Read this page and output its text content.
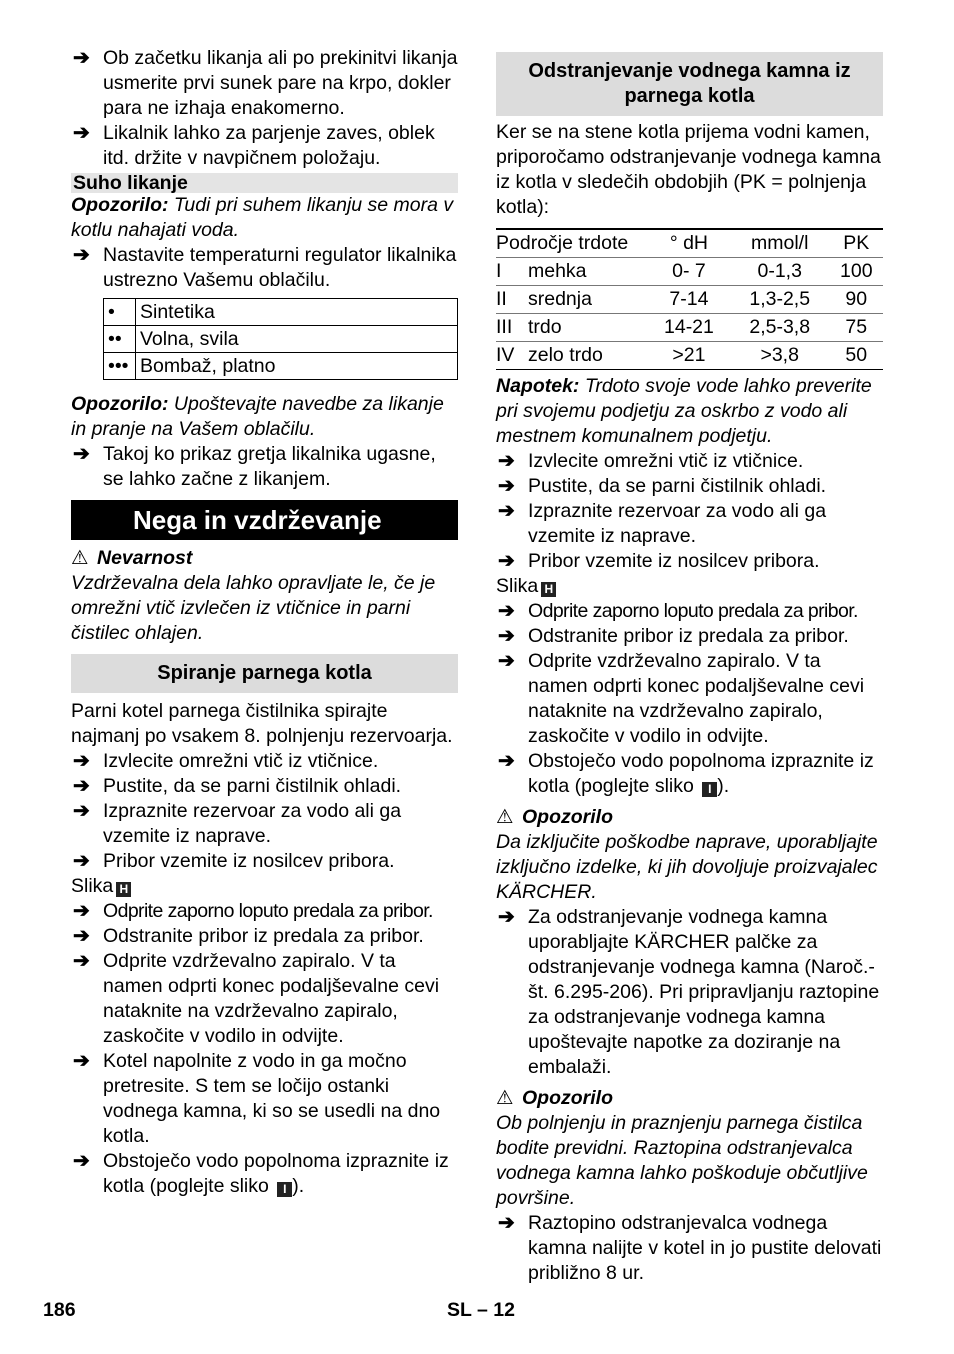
➔ Ob začetku likanja ali po prekinitvi likanja usmerite prvi sunek pare na krpo, dokler para ne izhaja enakomerno.
➔ Likalnik lahko za parjenje zaves, oblek itd. držite v navpičnem položaju.
Suho likanje
Opozorilo: Tudi pri suhem likanju se mora v kotlu nahajati voda.
➔ Nastavite temperaturni regulator likalnika ustrezno Vašemu oblačilu.
•	Sintetika
••	Volna, svila
•••	Bombaž, platno
Opozorilo: Upoštevajte navedbe za likanje in pranje na Vašem oblačilu.
➔ Takoj ko prikaz gretja likalnika ugasne, se lahko začne z likanjem.
Nega in vzdrževanje
⚠ Nevarnost
Vzdrževalna dela lahko opravljate le, če je omrežni vtič izvlečen iz vtičnice in parni čistilec ohlajen.
Spiranje parnega kotla
Parni kotel parnega čistilnika spirajte najmanj po vsakem 8. polnjenju rezervoarja.
➔ Izvlecite omrežni vtič iz vtičnice.
➔ Pustite, da se parni čistilnik ohladi.
➔ Izpraznite rezervoar za vodo ali ga vzemite iz naprave.
➔ Pribor vzemite iz nosilcev pribora.
Slika H
➔ Odprite zaporno loputo predala za pribor.
➔ Odstranite pribor iz predala za pribor.
➔ Odprite vzdrževalno zapiralo. V ta namen odprti konec podaljševalne cevi nataknite na vzdrževalno zapiralo, zaskočite v vodilo in odvijte.
➔ Kotel napolnite z vodo in ga močno pretresite. S tem se ločijo ostanki vodnega kamna, ki so se usedli na dno kotla.
➔ Obstoječo vodo popolnoma izpraznite iz kotla (poglejte sliko I ).
Odstranjevanje vodnega kamna iz parnega kotla
Ker se na stene kotla prijema vodni kamen, priporočamo odstranjevanje vodnega kamna iz kotla v sledečih obdobjih (PK = polnjenja kotla):
Področje trdote		° dH	mmol/l	PK
I	mehka	0- 7	0-1,3	100
II	srednja	7-14	1,3-2,5	90
III	trdo	14-21	2,5-3,8	75
IV	zelo trdo	>21	>3,8	50
Napotek: Trdoto svoje vode lahko preverite pri svojemu podjetju za oskrbo z vodo ali mestnem komunalnem podjetju.
➔ Izvlecite omrežni vtič iz vtičnice.
➔ Pustite, da se parni čistilnik ohladi.
➔ Izpraznite rezervoar za vodo ali ga vzemite iz naprave.
➔ Pribor vzemite iz nosilcev pribora.
Slika H
➔ Odprite zaporno loputo predala za pribor.
➔ Odstranite pribor iz predala za pribor.
➔ Odprite vzdrževalno zapiralo. V ta namen odprti konec podaljševalne cevi nataknite na vzdrževalno zapiralo, zaskočite v vodilo in odvijte.
➔ Obstoječo vodo popolnoma izpraznite iz kotla (poglejte sliko I ).
⚠ Opozorilo
Da izključite poškodbe naprave, uporabljajte izključno izdelke, ki jih dovoljuje proizvajalec KÄRCHER.
➔ Za odstranjevanje vodnega kamna uporabljajte KÄRCHER palčke za odstranjevanje vodnega kamna (Naroč.-št. 6.295-206). Pri pripravljanju raztopine za odstranjevanje vodnega kamna upoštevajte napotke za doziranje na embalaži.
⚠ Opozorilo
Ob polnjenju in praznjenju parnega čistilca bodite previdni. Raztopina odstranjevalca vodnega kamna lahko poškoduje občutljive površine.
➔ Raztopino odstranjevalca vodnega kamna nalijte v kotel in jo pustite delovati približno 8 ur.
186	SL – 12
